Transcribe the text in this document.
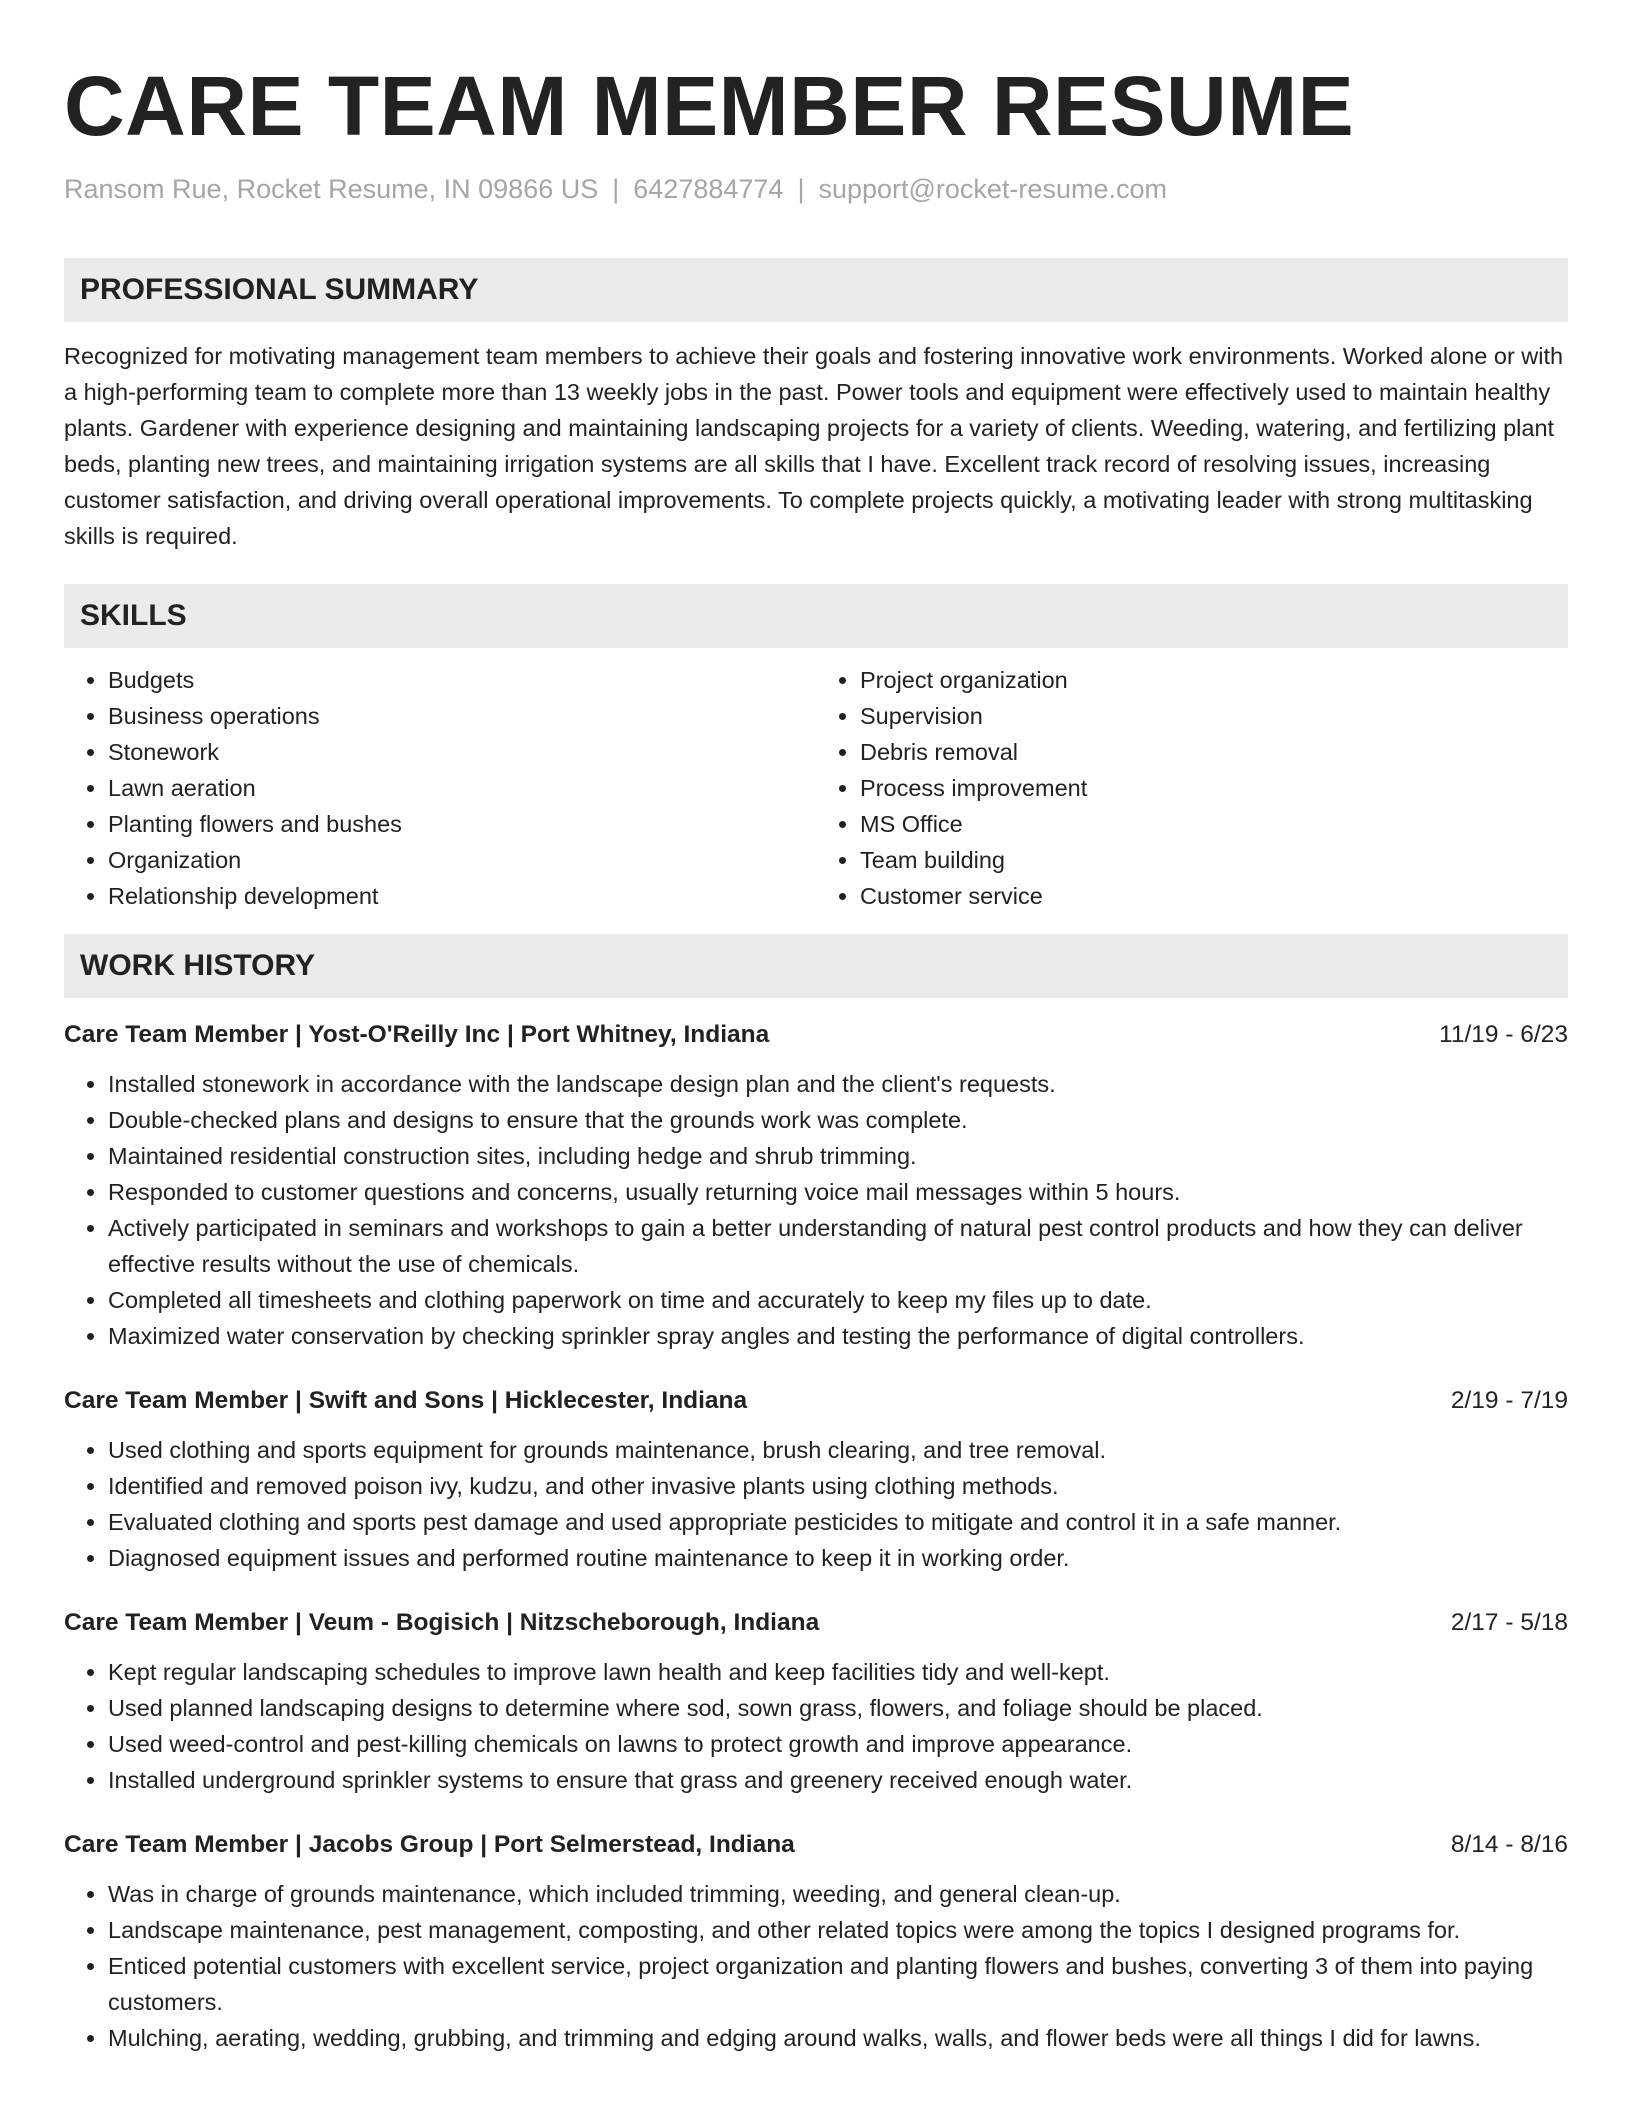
CARE TEAM MEMBER RESUME
Ransom Rue, Rocket Resume, IN 09866 US | 6427884774 | support@rocket-resume.com
PROFESSIONAL SUMMARY
Recognized for motivating management team members to achieve their goals and fostering innovative work environments. Worked alone or with a high-performing team to complete more than 13 weekly jobs in the past. Power tools and equipment were effectively used to maintain healthy plants. Gardener with experience designing and maintaining landscaping projects for a variety of clients. Weeding, watering, and fertilizing plant beds, planting new trees, and maintaining irrigation systems are all skills that I have. Excellent track record of resolving issues, increasing customer satisfaction, and driving overall operational improvements. To complete projects quickly, a motivating leader with strong multitasking skills is required.
SKILLS
• Budgets
• Business operations
• Stonework
• Lawn aeration
• Planting flowers and bushes
• Organization
• Relationship development
• Project organization
• Supervision
• Debris removal
• Process improvement
• MS Office
• Team building
• Customer service
WORK HISTORY
Care Team Member | Yost-O'Reilly Inc | Port Whitney, Indiana	11/19 - 6/23
• Installed stonework in accordance with the landscape design plan and the client's requests.
• Double-checked plans and designs to ensure that the grounds work was complete.
• Maintained residential construction sites, including hedge and shrub trimming.
• Responded to customer questions and concerns, usually returning voice mail messages within 5 hours.
• Actively participated in seminars and workshops to gain a better understanding of natural pest control products and how they can deliver effective results without the use of chemicals.
• Completed all timesheets and clothing paperwork on time and accurately to keep my files up to date.
• Maximized water conservation by checking sprinkler spray angles and testing the performance of digital controllers.
Care Team Member | Swift and Sons | Hicklecester, Indiana	2/19 - 7/19
• Used clothing and sports equipment for grounds maintenance, brush clearing, and tree removal.
• Identified and removed poison ivy, kudzu, and other invasive plants using clothing methods.
• Evaluated clothing and sports pest damage and used appropriate pesticides to mitigate and control it in a safe manner.
• Diagnosed equipment issues and performed routine maintenance to keep it in working order.
Care Team Member | Veum - Bogisich | Nitzscheborough, Indiana	2/17 - 5/18
• Kept regular landscaping schedules to improve lawn health and keep facilities tidy and well-kept.
• Used planned landscaping designs to determine where sod, sown grass, flowers, and foliage should be placed.
• Used weed-control and pest-killing chemicals on lawns to protect growth and improve appearance.
• Installed underground sprinkler systems to ensure that grass and greenery received enough water.
Care Team Member | Jacobs Group | Port Selmerstead, Indiana	8/14 - 8/16
• Was in charge of grounds maintenance, which included trimming, weeding, and general clean-up.
• Landscape maintenance, pest management, composting, and other related topics were among the topics I designed programs for.
• Enticed potential customers with excellent service, project organization and planting flowers and bushes, converting 3 of them into paying customers.
• Mulching, aerating, wedding, grubbing, and trimming and edging around walks, walls, and flower beds were all things I did for lawns.
